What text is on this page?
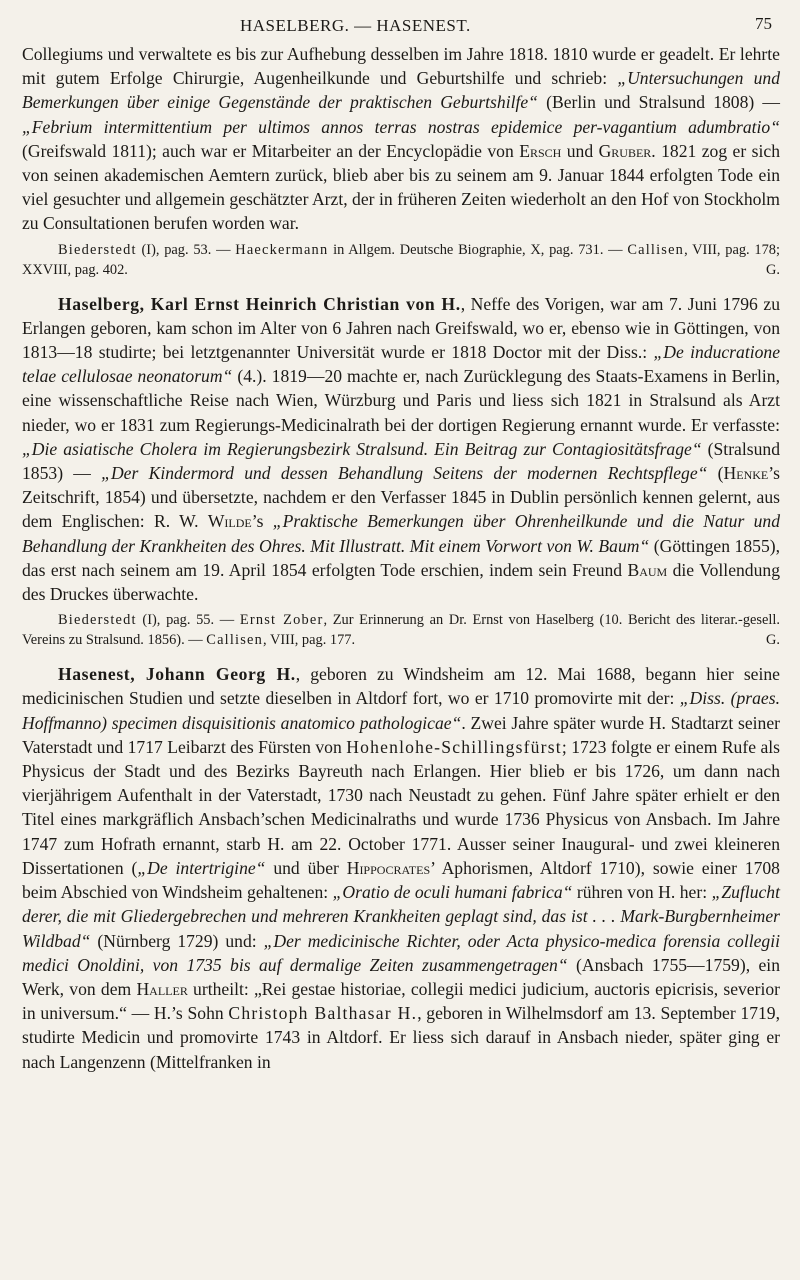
HASELBERG. — HASENEST.	75

Collegiums und verwaltete es bis zur Aufhebung desselben im Jahre 1818. 1810 wurde er geadelt. Er lehrte mit gutem Erfolge Chirurgie, Augenheilkunde und Geburtshilfe und schrieb: „Untersuchungen und Bemerkungen über einige Gegenstände der praktischen Geburtshilfe“ (Berlin und Stralsund 1808) — „Febrium intermittentium per ultimos annos terras nostras epidemice per-vagantium adumbratio“ (Greifswald 1811); auch war er Mitarbeiter an der Encyclopädie von Ersch und Gruber. 1821 zog er sich von seinen akademischen Aemtern zurück, blieb aber bis zu seinem am 9. Januar 1844 erfolgten Tode ein viel gesuchter und allgemein geschätzter Arzt, der in früheren Zeiten wiederholt an den Hof von Stockholm zu Consultationen berufen worden war.

Biederstedt (I), pag. 53. — Haeckermann in Allgem. Deutsche Biographie, X, pag. 731. — Callisen, VIII, pag. 178; XXVIII, pag. 402.	G.

Haselberg, Karl Ernst Heinrich Christian von H., Neffe des Vorigen, war am 7. Juni 1796 zu Erlangen geboren, kam schon im Alter von 6 Jahren nach Greifswald, wo er, ebenso wie in Göttingen, von 1813—18 studirte; bei letztgenannter Universität wurde er 1818 Doctor mit der Diss.: „De inducratione telae cellulosae neonatorum“ (4.). 1819—20 machte er, nach Zurücklegung des Staats-Examens in Berlin, eine wissenschaftliche Reise nach Wien, Würzburg und Paris und liess sich 1821 in Stralsund als Arzt nieder, wo er 1831 zum Regierungs-Medicinalrath bei der dortigen Regierung ernannt wurde. Er verfasste: „Die asiatische Cholera im Regierungsbezirk Stralsund. Ein Beitrag zur Contagiositätsfrage“ (Stralsund 1853) — „Der Kindermord und dessen Behandlung Seitens der modernen Rechtspflege“ (Henke’s Zeitschrift, 1854) und übersetzte, nachdem er den Verfasser 1845 in Dublin persönlich kennen gelernt, aus dem Englischen: R. W. Wilde’s „Praktische Bemerkungen über Ohrenheilkunde und die Natur und Behandlung der Krankheiten des Ohres. Mit Illustratt. Mit einem Vorwort von W. Baum“ (Göttingen 1855), das erst nach seinem am 19. April 1854 erfolgten Tode erschien, indem sein Freund Baum die Vollendung des Druckes überwachte.

Biederstedt (I), pag. 55. — Ernst Zober, Zur Erinnerung an Dr. Ernst von Haselberg (10. Bericht des literar.-gesell. Vereins zu Stralsund. 1856). — Callisen, VIII, pag. 177.	G.

Hasenest, Johann Georg H., geboren zu Windsheim am 12. Mai 1688, begann hier seine medicinischen Studien und setzte dieselben in Altdorf fort, wo er 1710 promovirte mit der: „Diss. (praes. Hoffmanno) specimen disquisitionis anatomico pathologicae“. Zwei Jahre später wurde H. Stadtarzt seiner Vaterstadt und 1717 Leibarzt des Fürsten von Hohenlohe-Schillingsfürst; 1723 folgte er einem Rufe als Physicus der Stadt und des Bezirks Bayreuth nach Erlangen. Hier blieb er bis 1726, um dann nach vierjährigem Aufenthalt in der Vaterstadt, 1730 nach Neustadt zu gehen. Fünf Jahre später erhielt er den Titel eines markgräflich Ansbach’schen Medicinalraths und wurde 1736 Physicus von Ansbach. Im Jahre 1747 zum Hofrath ernannt, starb H. am 22. October 1771. Ausser seiner Inaugural- und zwei kleineren Dissertationen („De intertrigine“ und über Hippocrates’ Aphorismen, Altdorf 1710), sowie einer 1708 beim Abschied von Windsheim gehaltenen: „Oratio de oculi humani fabrica“ rühren von H. her: „Zuflucht derer, die mit Gliedergebrechen und mehreren Krankheiten geplagt sind, das ist . . . Mark-Burgbernheimer Wildbad“ (Nürnberg 1729) und: „Der medicinische Richter, oder Acta physico-medica forensia collegii medici Onoldini, von 1735 bis auf dermalige Zeiten zusammengetragen“ (Ansbach 1755—1759), ein Werk, von dem Haller urtheilt: „Rei gestae historiae, collegii medici judicium, auctoris epicrisis, severior in universum.“ — H.’s Sohn Christoph Balthasar H., geboren in Wilhelmsdorf am 13. September 1719, studirte Medicin und promovirte 1743 in Altdorf. Er liess sich darauf in Ansbach nieder, später ging er nach Langenzenn (Mittelfranken in
